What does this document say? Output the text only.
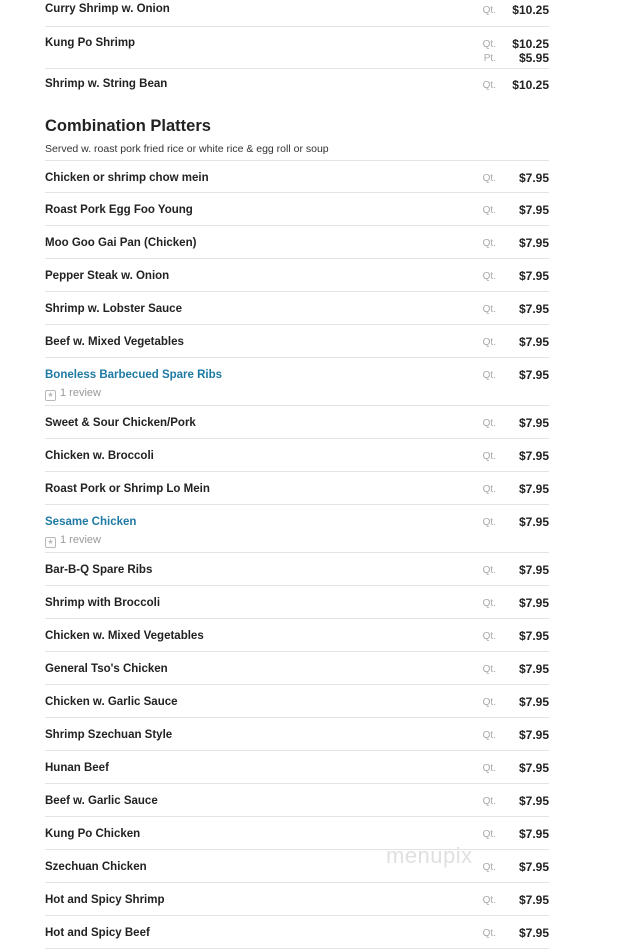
Curry Shrimp w. Onion	Qt. $10.25
Kung Po Shrimp	Qt. $10.25
Pt. $5.95
Shrimp w. String Bean	Qt. $10.25
Combination Platters
Served w. roast pork fried rice or white rice & egg roll or soup
Chicken or shrimp chow mein	Qt. $7.95
Roast Pork Egg Foo Young	Qt. $7.95
Moo Goo Gai Pan (Chicken)	Qt. $7.95
Pepper Steak w. Onion	Qt. $7.95
Shrimp w. Lobster Sauce	Qt. $7.95
Beef w. Mixed Vegetables	Qt. $7.95
Boneless Barbecued Spare Ribs	Qt. $7.95
★ 1 review
Sweet & Sour Chicken/Pork	Qt. $7.95
Chicken w. Broccoli	Qt. $7.95
Roast Pork or Shrimp Lo Mein	Qt. $7.95
Sesame Chicken	Qt. $7.95
★ 1 review
Bar-B-Q Spare Ribs	Qt. $7.95
Shrimp with Broccoli	Qt. $7.95
Chicken w. Mixed Vegetables	Qt. $7.95
General Tso's Chicken	Qt. $7.95
Chicken w. Garlic Sauce	Qt. $7.95
Shrimp Szechuan Style	Qt. $7.95
Hunan Beef	Qt. $7.95
Beef w. Garlic Sauce	Qt. $7.95
Kung Po Chicken	Qt. $7.95
Szechuan Chicken	Qt. $7.95
Hot and Spicy Shrimp	Qt. $7.95
Hot and Spicy Beef	Qt. $7.95
menupix
